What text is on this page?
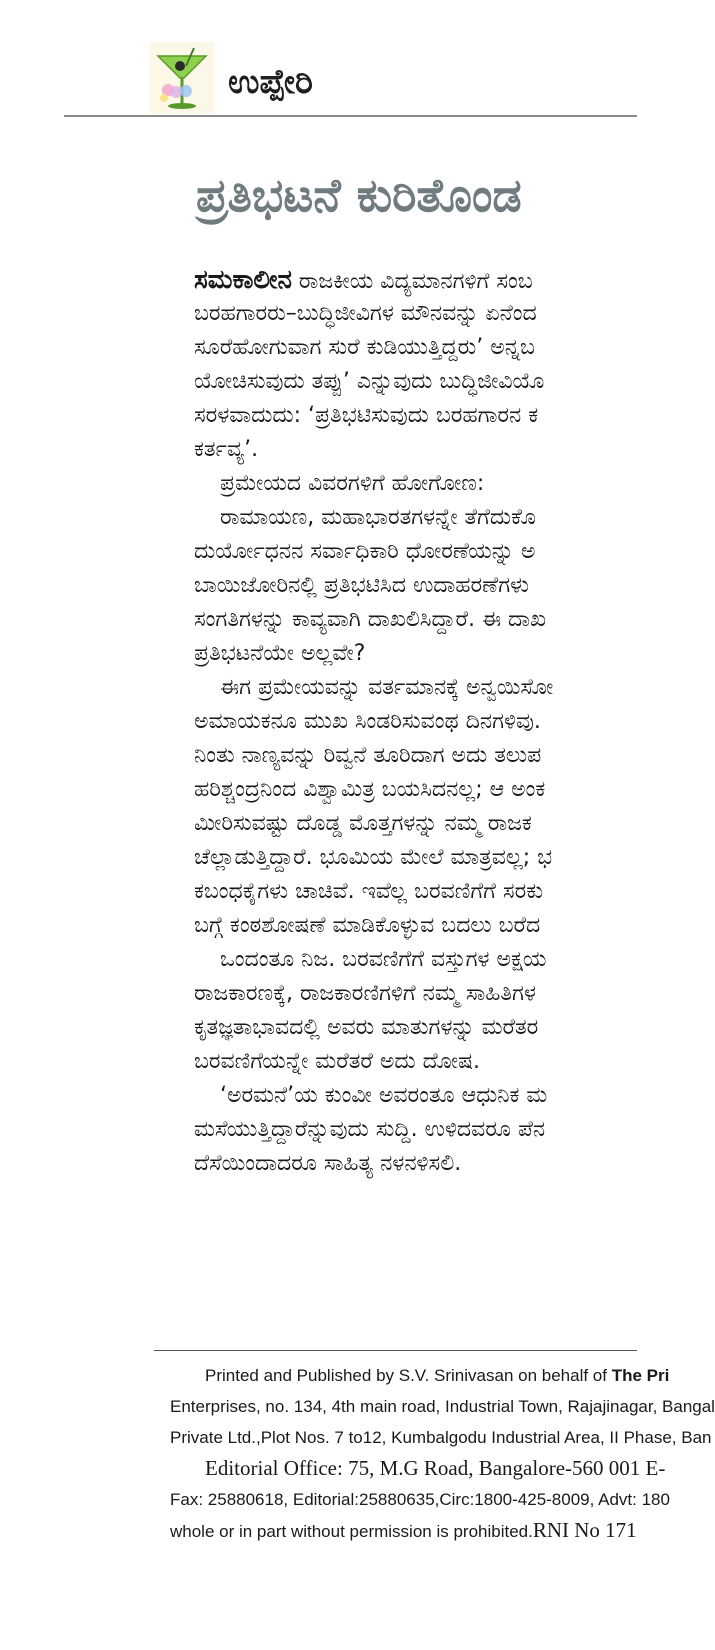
ಉಪ್ಪೇರಿ
ಪ್ರತಿಭಟನೆ ಕುರಿತೊಂಡ
ಸಮಕಾಲೀನ ರಾಜಕೀಯ ವಿದ್ಯಮಾನಗಳಿಗೆ ಸಂಬ
ಬರಹಗಾರರು–ಬುದ್ಧಿಜೀವಿಗಳ ಮೌನವನ್ನು ಏನೆಂದ
ಸೂರೆಹೋಗುವಾಗ ಸುರೆ ಕುಡಿಯುತ್ತಿದ್ದರು’ ಅನ್ನಬ
ಯೋಚಿಸುವುದು ತಪ್ಪು’ ಎನ್ನುವುದು ಬುದ್ಧಿಜೀವಿಯೊ
ಸರಳವಾದುದು: ‘ಪ್ರತಿಭಟಿಸುವುದು ಬರಹಗಾರನ ಕ
ಕರ್ತವ್ಯ’.
ಪ್ರಮೇಯದ ವಿವರಗಳಿಗೆ ಹೋಗೋಣ:
ರಾಮಾಯಣ, ಮಹಾಭಾರತಗಳನ್ನೇ ತೆಗೆದುಕೊ
ದುರ್ಯೋಧನನ ಸರ್ವಾಧಿಕಾರಿ ಧೋರಣೆಯನ್ನು ಅ
ಬಾಯಿಜೋರಿನಲ್ಲಿ ಪ್ರತಿಭಟಿಸಿದ ಉದಾಹರಣೆಗಳು
ಸಂಗತಿಗಳನ್ನು ಕಾವ್ಯವಾಗಿ ದಾಖಲಿಸಿದ್ದಾರೆ. ಈ ದಾಖ
ಪ್ರತಿಭಟನೆಯೇ ಅಲ್ಲವೇ?
ಈಗ ಪ್ರಮೇಯವನ್ನು ವರ್ತಮಾನಕ್ಕೆ ಅನ್ವಯಿಸೋ
ಅಮಾಯಕನೂ ಮುಖ ಸಿಂಡರಿಸುವಂಥ ದಿನಗಳಿವು.
ನಿಂತು ನಾಣ್ಯವನ್ನು ರಿವ್ವನೆ ತೂರಿದಾಗ ಅದು ತಲುಪ
ಹರಿಶ್ಚಂದ್ರನಿಂದ ವಿಶ್ವಾಮಿತ್ರ ಬಯಸಿದನಲ್ಲ; ಆ ಅಂಕ
ಮೀರಿಸುವಷ್ಟು ದೊಡ್ಡ ಮೊತ್ತಗಳನ್ನು ನಮ್ಮ ರಾಜಕ
ಚೆಲ್ಲಾಡುತ್ತಿದ್ದಾರೆ. ಭೂಮಿಯ ಮೇಲೆ ಮಾತ್ರವಲ್ಲ; ಭ
ಕಬಂಧಕೈಗಳು ಚಾಚಿವೆ. ಇವೆಲ್ಲ ಬರವಣಿಗೆಗೆ ಸರಕು
ಬಗ್ಗೆ ಕಂಠಶೋಷಣೆ ಮಾಡಿಕೊಳ್ಳುವ ಬದಲು ಬರೆದ
ಒಂದಂತೂ ನಿಜ. ಬರವಣಿಗೆಗೆ ವಸ್ತುಗಳ ಅಕ್ಷಯ
ರಾಜಕಾರಣಕ್ಕೆ, ರಾಜಕಾರಣಿಗಳಿಗೆ ನಮ್ಮ ಸಾಹಿತಿಗಳ
ಕೃತಜ್ಞತಾಭಾವದಲ್ಲಿ ಅವರು ಮಾತುಗಳನ್ನು ಮರೆತರ
ಬರವಣಿಗೆಯನ್ನೇ ಮರೆತರೆ ಅದು ದೋಷ.
‘ಅರಮನೆ’ಯ ಕುಂವೀ ಅವರಂತೂ ಆಧುನಿಕ ಮ
ಮಸೆಯುತ್ತಿದ್ದಾರೆನ್ನುವುದು ಸುದ್ದಿ. ಉಳಿದವರೂ ಪೆನ
ದೆಸೆಯಿಂದಾದರೂ ಸಾಹಿತ್ಯ ನಳನಳಿಸಲಿ.
Printed and Published by S.V. Srinivasan on behalf of The Pri
Enterprises, no. 134, 4th main road, Industrial Town, Rajajinagar, Bangal
Private Ltd.,Plot Nos. 7 to12, Kumbalgodu Industrial Area, II Phase, Ban
Editorial Office: 75, M.G Road, Bangalore-560 001 E-
Fax: 25880618, Editorial:25880635,Circ:1800-425-8009, Advt: 180
whole or in part without permission is prohibited.RNI No 171
